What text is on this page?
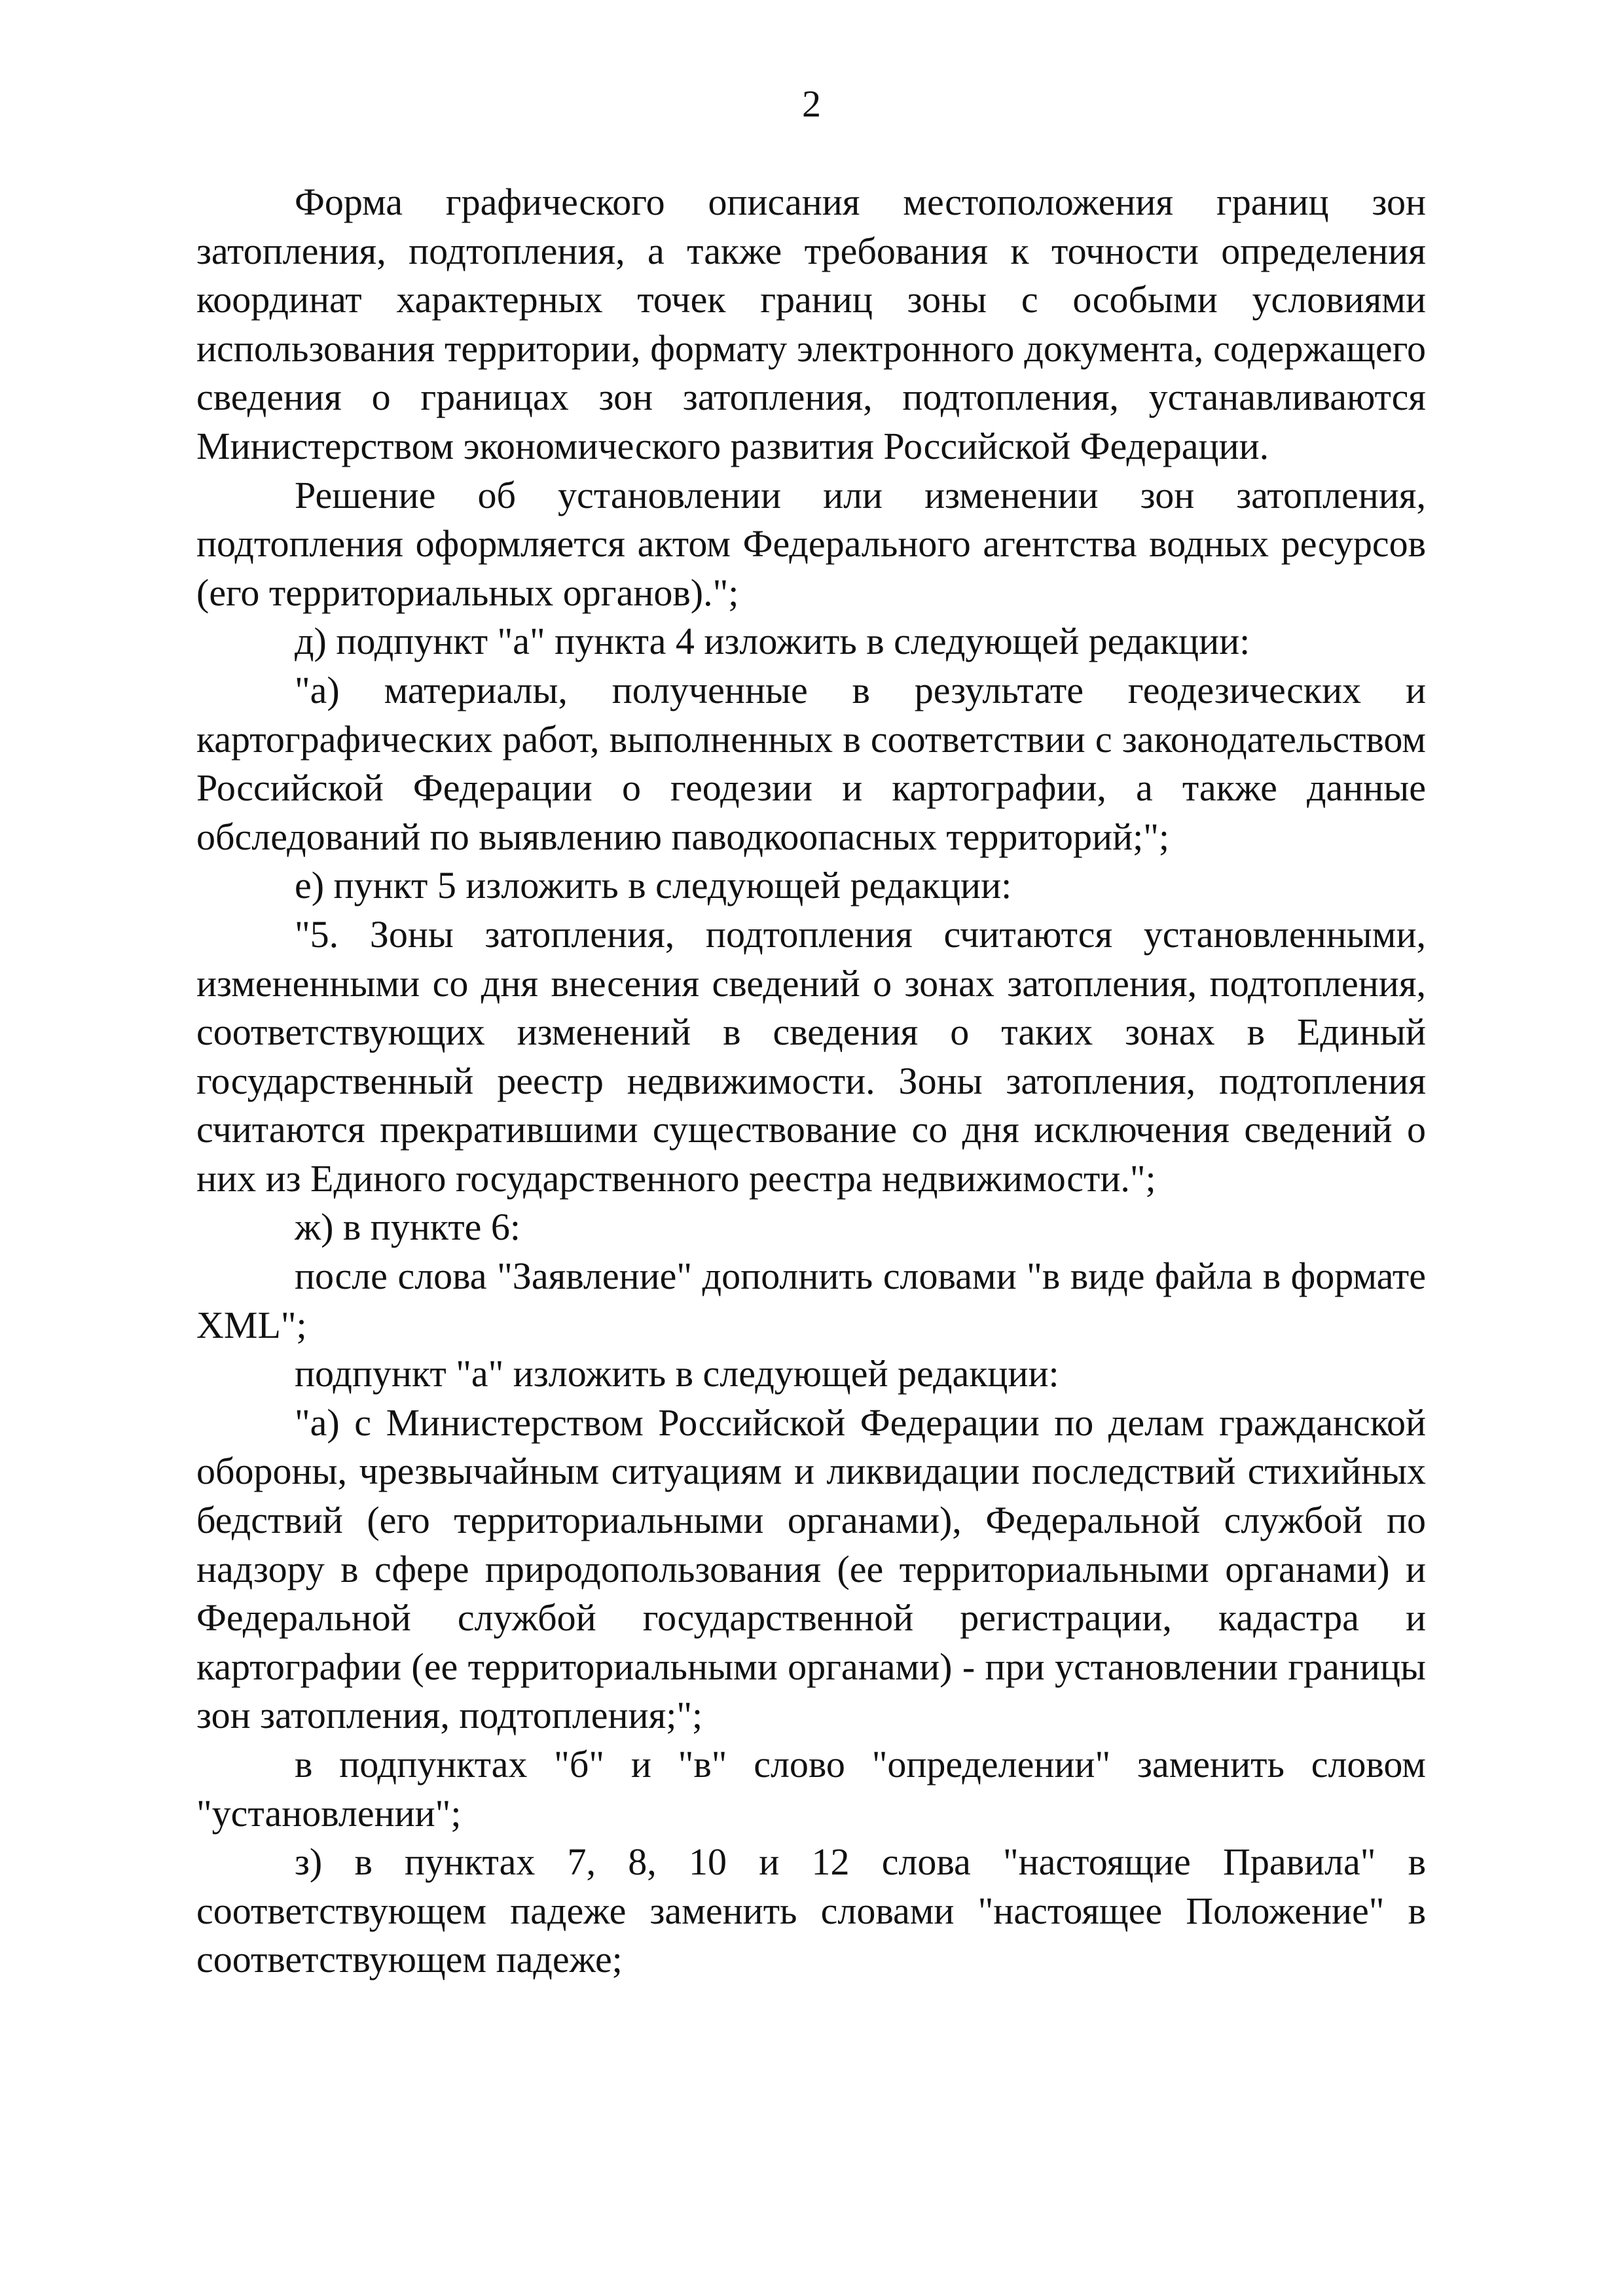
2

Форма графического описания местоположения границ зон затопления, подтопления, а также требования к точности определения координат характерных точек границ зоны с особыми условиями использования территории, формату электронного документа, содержащего сведения о границах зон затопления, подтопления, устанавливаются Министерством экономического развития Российской Федерации.

Решение об установлении или изменении зон затопления, подтопления оформляется актом Федерального агентства водных ресурсов (его территориальных органов).";

д) подпункт "а" пункта 4 изложить в следующей редакции:

"а) материалы, полученные в результате геодезических и картографических работ, выполненных в соответствии с законодательством Российской Федерации о геодезии и картографии, а также данные обследований по выявлению паводкоопасных территорий;";

е) пункт 5 изложить в следующей редакции:

"5. Зоны затопления, подтопления считаются установленными, измененными со дня внесения сведений о зонах затопления, подтопления, соответствующих изменений в сведения о таких зонах в Единый государственный реестр недвижимости. Зоны затопления, подтопления считаются прекратившими существование со дня исключения сведений о них из Единого государственного реестра недвижимости.";

ж) в пункте 6:

после слова "Заявление" дополнить словами "в виде файла в формате XML";

подпункт "а" изложить в следующей редакции:

"а) с Министерством Российской Федерации по делам гражданской обороны, чрезвычайным ситуациям и ликвидации последствий стихийных бедствий (его территориальными органами), Федеральной службой по надзору в сфере природопользования (ее территориальными органами) и Федеральной службой государственной регистрации, кадастра и картографии (ее территориальными органами) - при установлении границы зон затопления, подтопления;";

в подпунктах "б" и "в" слово "определении" заменить словом "установлении";

з) в пунктах 7, 8, 10 и 12 слова "настоящие Правила" в соответствующем падеже заменить словами "настоящее Положение" в соответствующем падеже;
